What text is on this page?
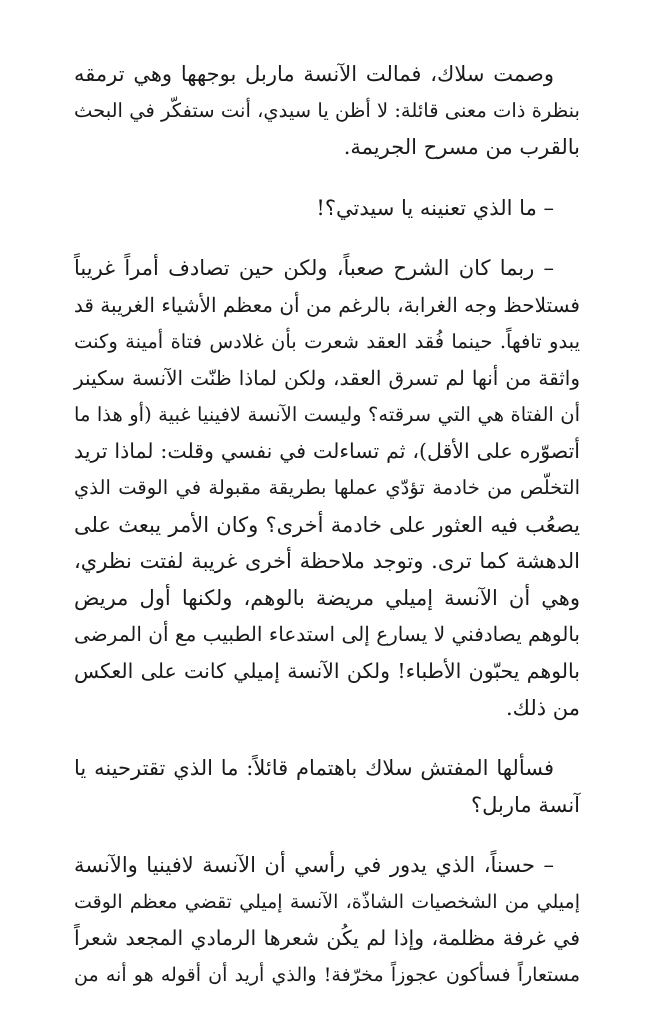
وصمت سلاك، فمالت الآنسة ماربل بوجهها وهي ترمقه
بنظرة ذات معنى قائلة: لا أظن يا سيدي، أنت ستفكّر في البحث
بالقرب من مسرح الجريمة.

– ما الذي تعنينه يا سيدتي؟!

– ربما كان الشرح صعباً، ولكن حين تصادف أمراً غريباً
فستلاحظ وجه الغرابة، بالرغم من أن معظم الأشياء الغريبة قد
يبدو تافهاً. حينما فُقد العقد شعرت بأن غلادس فتاة أمينة وكنت
واثقة من أنها لم تسرق العقد، ولكن لماذا ظنّت الآنسة سكينر
أن الفتاة هي التي سرقته؟ وليست الآنسة لافينيا غبية (أو هذا ما
أتصوّره على الأقل)، ثم تساءلت في نفسي وقلت: لماذا تريد
التخلّص من خادمة تؤدّي عملها بطريقة مقبولة في الوقت الذي
يصعُب فيه العثور على خادمة أخرى؟ وكان الأمر يبعث على
الدهشة كما ترى. وتوجد ملاحظة أخرى غريبة لفتت نظري،
وهي أن الآنسة إميلي مريضة بالوهم، ولكنها أول مريض
بالوهم يصادفني لا يسارع إلى استدعاء الطبيب مع أن المرضى
بالوهم يحبّون الأطباء! ولكن الآنسة إميلي كانت على العكس
من ذلك.

فسألها المفتش سلاك باهتمام قائلاً: ما الذي تقترحينه يا
آنسة ماربل؟

– حسناً، الذي يدور في رأسي أن الآنسة لافينيا والآنسة
إميلي من الشخصيات الشاذّة، الآنسة إميلي تقضي معظم الوقت
في غرفة مظلمة، وإذا لم يكُن شعرها الرمادي المجعد شعراً
مستعاراً فسأكون عجوزاً مخرّفة! والذي أريد أن أقوله هو أنه من
